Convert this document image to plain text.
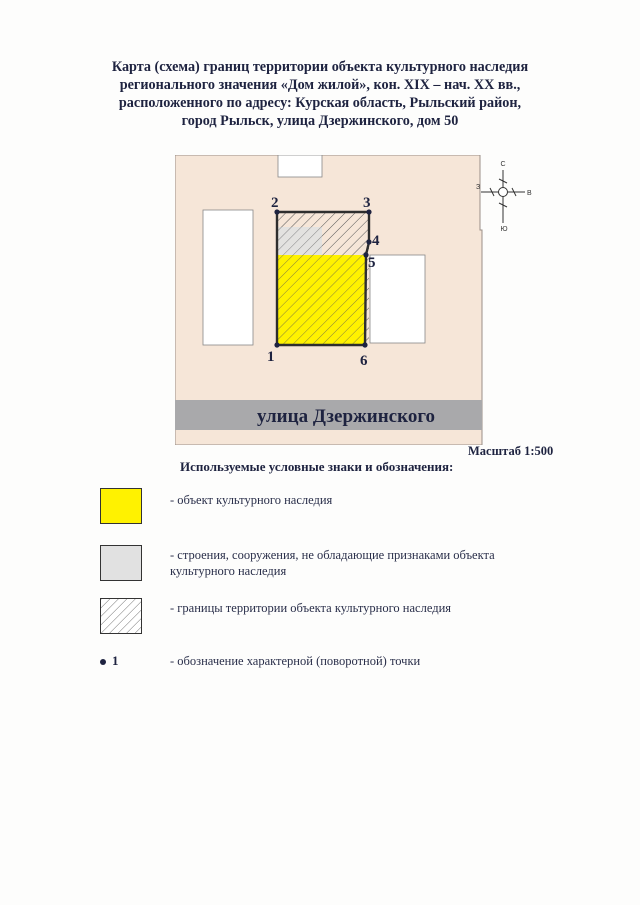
Карта (схема) границ территории объекта культурного наследия
регионального значения «Дом жилой», кон. XIX – нач. XX вв.,
расположенного по адресу: Курская область, Рыльский район,
город Рыльск, улица Дзержинского, дом 50
1
2	3
4
5
6
улица Дзержинского
С
Ю
З
В
Масштаб 1:500
Используемые условные знаки и обозначения:
- объект культурного наследия
- строения, сооружения, не обладающие признаками объекта культурного наследия
- границы территории объекта культурного наследия
1	- обозначение характерной (поворотной) точки
